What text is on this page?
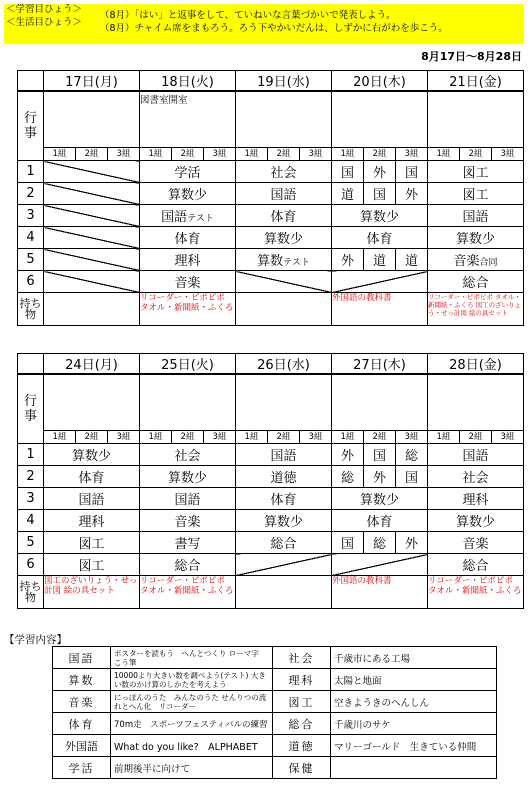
＜学習目ひょう＞
＜生活目ひょう＞
（8月）「はい」と返事をして、ていねいな言葉づかいで発表しよう。
（8月）チャイム席をまもろう。ろう下やかいだんは、しずかに右がわを歩こう。
8月17日～8月28日
	17日(月)	18日(火)	19日(水)	20日(木)	21日(金)

行事		図書室開室			

	1組 2組 3組	1組 2組 3組	1組 2組 3組	1組 2組 3組	1組 2組 3組

1		学活	社会	国 外 国	図工
2		算数少	国語	道 国 外	図工
3		国語テスト	体育	算数少	国語
4		体育	算数少	体育	算数少
5		理科	算数テスト	外 道 道	音楽合同
6		音楽			総合

持ち物		リコーダー・ピポピポ タオル・新聞紙・ふくろ		外国語の教科書	リコーダー・ピポピポ タオル・新聞紙・ふくろ 図工のざいりょう・せっ計図 絵の具セット
	24日(月)	25日(火)	26日(水)	27日(木)	28日(金)

行事					

	1組 2組 3組	1組 2組 3組	1組 2組 3組	1組 2組 3組	1組 2組 3組

1	算数少	社会	国語	外 国 総	国語
2	体育	算数少	道徳	総 外 国	社会
3	国語	国語	体育	算数少	理科
4	理科	音楽	算数少	体育	算数少
5	図工	書写	総合	国 総 外	音楽
6	図工	総合			総合

持ち物	図工のざいりょう・せっ計図 絵の具セット	リコーダー・ピポピポ タオル・新聞紙・ふくろ		外国語の教科書	リコーダー・ピポピポ タオル・新聞紙・ふくろ
【学習内容】
国語	ポスターを読もう　へんとつくり ローマ字　こう筆	社会	千歳市にある工場
算数	10000より大きい数を調べよう(テスト) 大きい数のかけ算のしかたを考えよう	理科	太陽と地面
音楽	にっぽんのうた　みんなのうた せんりつの流れとへん化　リコーダー	図工	空きようきのへんしん
体育	70m走　スポーツフェスティバルの練習	総合	千歳川のサケ
外国語	What do you like?　ALPHABET	道徳	マリーゴールド　生きている仲間
学活	前期後半に向けて	保健	
